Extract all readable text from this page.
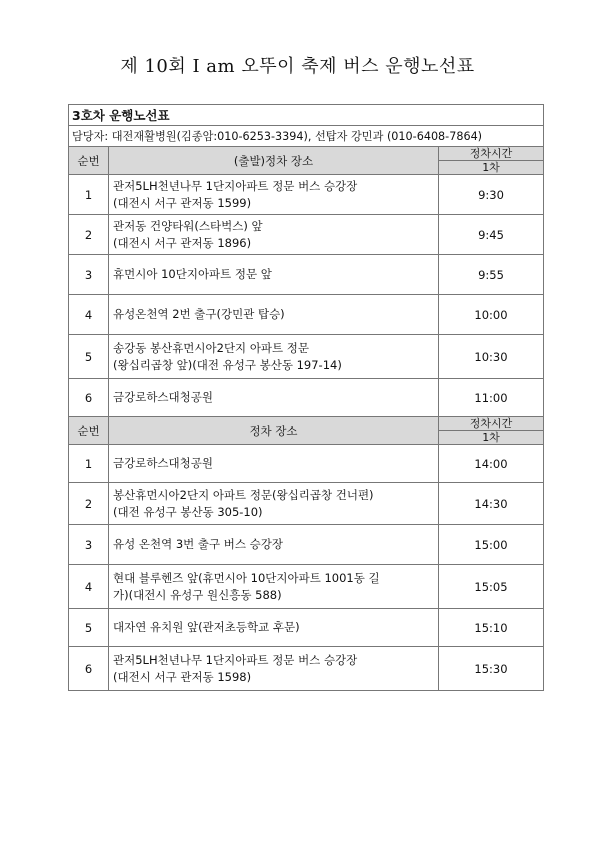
제 10회 I am 오뚜이 축제 버스 운행노선표
3호차 운행노선표		
담당자: 대전재활병원(김종암:010-6253-3394), 선탑자 강민과 (010-6408-7864)		
순번	(출발)정차 장소	정차시간
		1차
1	관저5LH천년나무 1단지아파트 정문 버스 승강장
(대전시 서구 관저동 1599)	9:30
2	관저동 건양타워(스타벅스) 앞
(대전시 서구 관저동 1896)	9:45
3	휴먼시아 10단지아파트 정문 앞	9:55
4	유성온천역 2번 출구(강민관 탑승)	10:00
5	송강동 봉산휴먼시아2단지 아파트 정문
(왕십리곱창 앞)(대전 유성구 봉산동 197-14)	10:30
6	금강로하스대청공원	11:00
순번	정차 장소	정차시간
		1차
1	금강로하스대청공원	14:00
2	봉산휴먼시아2단지 아파트 정문(왕십리곱창 건너편)
(대전 유성구 봉산동 305-10)	14:30
3	유성 온천역 3번 출구 버스 승강장	15:00
4	현대 블루헨즈 앞(휴먼시아 10단지아파트 1001동 길
가)(대전시 유성구 원신흥동 588)	15:05
5	대자연 유치원 앞(관저초등학교 후문)	15:10
6	관저5LH천년나무 1단지아파트 정문 버스 승강장
(대전시 서구 관저동 1598)	15:30
